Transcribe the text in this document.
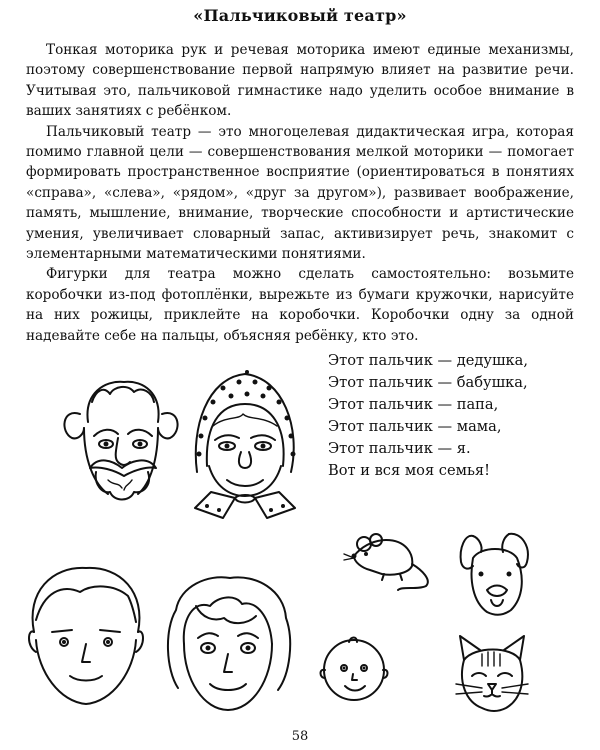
«Пальчиковый театр»

Тонкая моторика рук и речевая моторика имеют единые механизмы, поэтому совершенствование первой напрямую влияет на развитие речи. Учитывая это, пальчиковой гимнастике надо уделить особое внимание в ваших занятиях с ребёнком.

Пальчиковый театр — это многоцелевая дидактическая игра, которая помимо главной цели — совершенствования мелкой моторики — помогает формировать пространственное восприятие (ориентироваться в понятиях «справа», «слева», «рядом», «друг за другом»), развивает воображение, память, мышление, внимание, творческие способности и артистические умения, увеличивает словарный запас, активизирует речь, знакомит с элементарными математическими понятиями.

Фигурки для театра можно сделать самостоятельно: возьмите коробочки из-под фотоплёнки, вырежьте из бумаги кружочки, нарисуйте на них рожицы, приклейте на коробочки. Коробочки одну за одной надевайте себе на пальцы, объясняя ребёнку, кто это.

Этот пальчик — дедушка,
Этот пальчик — бабушка,
Этот пальчик — папа,
Этот пальчик — мама,
Этот пальчик — я.
Вот и вся моя семья!
58
